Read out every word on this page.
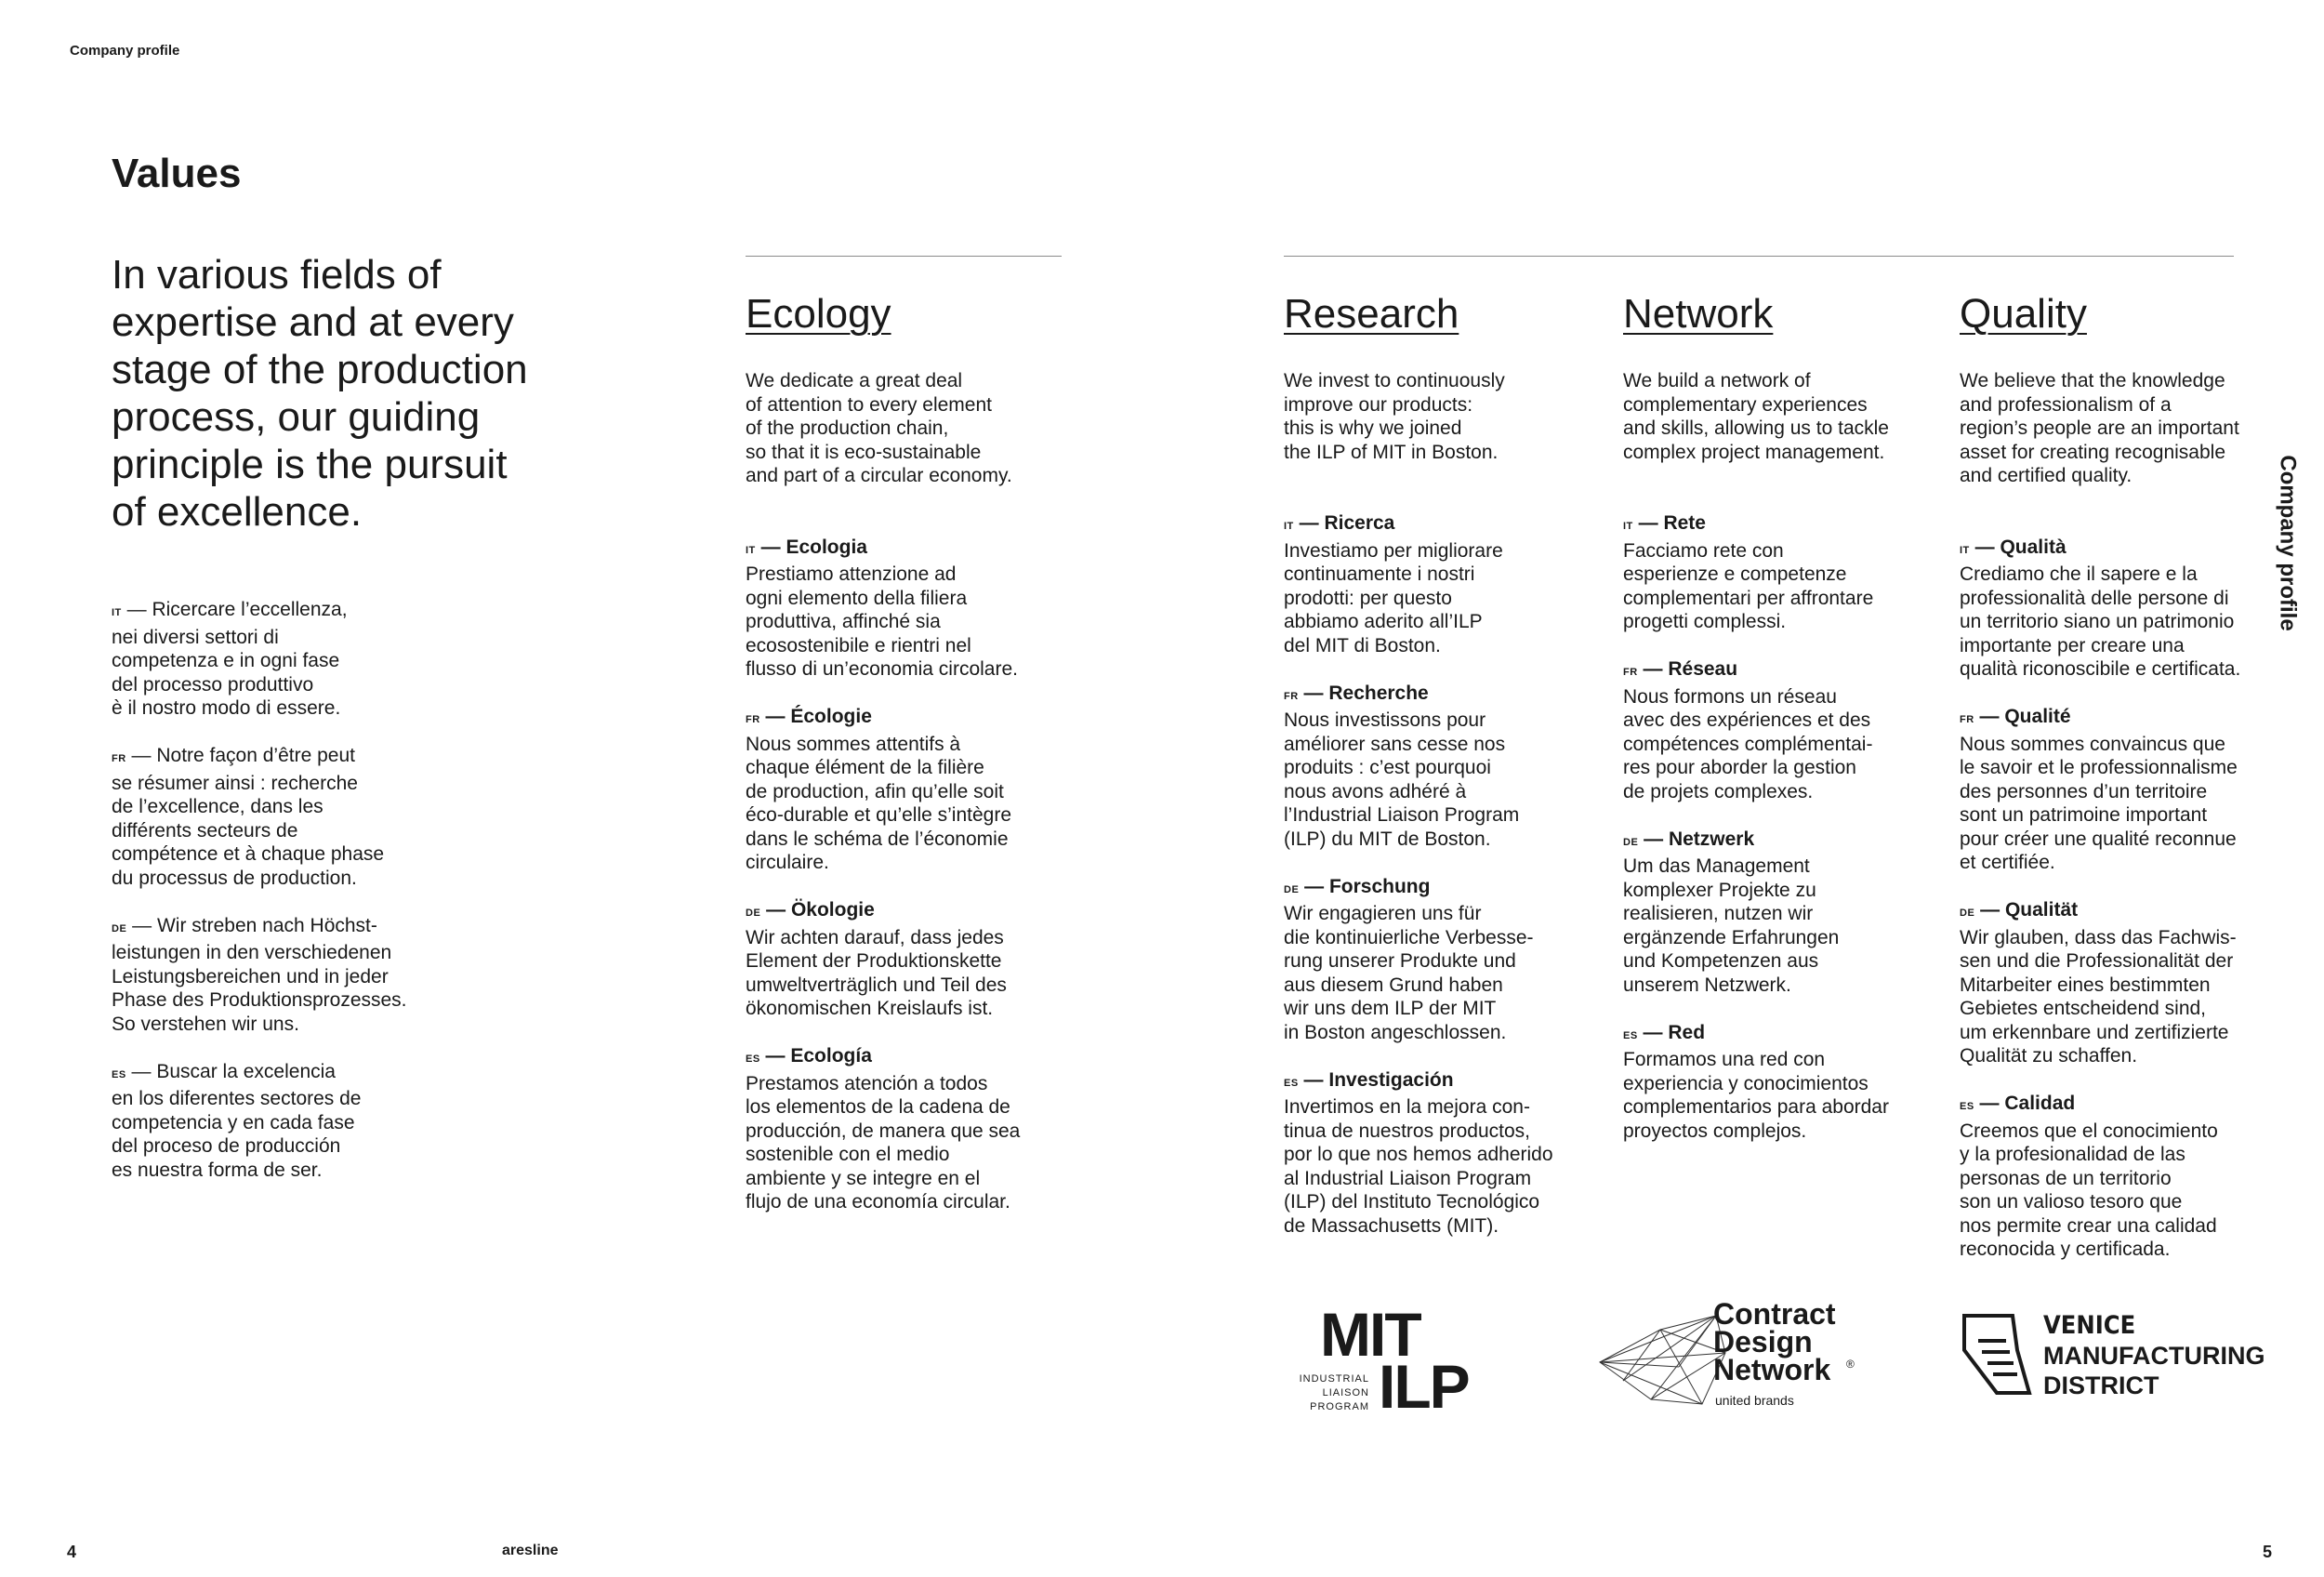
Company profile
Company profile
Values

In various fields of
expertise and at every
stage of the production
process, our guiding
principle is the pursuit
of excellence.

IT — Ricercare l’eccellenza,
nei diversi settori di
competenza e in ogni fase
del processo produttivo
è il nostro modo di essere.
FR — Notre façon d’être peut
se résumer ainsi : recherche
de l’excellence, dans les
différents secteurs de
compétence et à chaque phase
du processus de production.
DE — Wir streben nach Höchst-
leistungen in den verschiedenen
Leistungsbereichen und in jeder
Phase des Produktionsprozesses.
So verstehen wir uns.
ES — Buscar la excelencia
en los diferentes sectores de
competencia y en cada fase
del proceso de producción
es nuestra forma de ser.
Ecology

We dedicate a great deal
of attention to every element
of the production chain,
so that it is eco-sustainable
and part of a circular economy.

IT — Ecologia
Prestiamo attenzione ad
ogni elemento della filiera
produttiva, affinché sia
ecosostenibile e rientri nel
flusso di un’economia circolare.
FR — Écologie
Nous sommes attentifs à
chaque élément de la filière
de production, afin qu’elle soit
éco-durable et qu’elle s’intègre
dans le schéma de l’économie
circulaire.
DE — Ökologie
Wir achten darauf, dass jedes
Element der Produktionskette
umweltverträglich und Teil des
ökonomischen Kreislaufs ist.
ES — Ecología
Prestamos atención a todos
los elementos de la cadena de
producción, de manera que sea
sostenible con el medio
ambiente y se integre en el
flujo de una economía circular.
Research

We invest to continuously
improve our products:
this is why we joined
the ILP of MIT in Boston.

IT — Ricerca
Investiamo per migliorare
continuamente i nostri
prodotti: per questo
abbiamo aderito all’ILP
del MIT di Boston.
FR — Recherche
Nous investissons pour
améliorer sans cesse nos
produits : c’est pourquoi
nous avons adhéré à
l’Industrial Liaison Program
(ILP) du MIT de Boston.
DE — Forschung
Wir engagieren uns für
die kontinuierliche Verbesse-
rung unserer Produkte und
aus diesem Grund haben
wir uns dem ILP der MIT
in Boston angeschlossen.
ES — Investigación
Invertimos en la mejora con-
tinua de nuestros productos,
por lo que nos hemos adherido
al Industrial Liaison Program
(ILP) del Instituto Tecnológico
de Massachusetts (MIT).
Network

We build a network of
complementary experiences
and skills, allowing us to tackle
complex project management.

IT — Rete
Facciamo rete con
esperienze e competenze
complementari per affrontare
progetti complessi.
FR — Réseau
Nous formons un réseau
avec des expériences et des
compétences complémentai-
res pour aborder la gestion
de projets complexes.
DE — Netzwerk
Um das Management
komplexer Projekte zu
realisieren, nutzen wir
ergänzende Erfahrungen
und Kompetenzen aus
unserem Netzwerk.
ES — Red
Formamos una red con
experiencia y conocimientos
complementarios para abordar
proyectos complejos.
Quality

We believe that the knowledge
and professionalism of a
region’s people are an important
asset for creating recognisable
and certified quality.

IT — Qualità
Crediamo che il sapere e la
professionalità delle persone di
un territorio siano un patrimonio
importante per creare una
qualità riconoscibile e certificata.
FR — Qualité
Nous sommes convaincus que
le savoir et le professionnalisme
des personnes d’un territoire
sont un patrimoine important
pour créer une qualité reconnue
et certifiée.
DE — Qualität
Wir glauben, dass das Fachwis-
sen und die Professionalität der
Mitarbeiter eines bestimmten
Gebietes entscheidend sind,
um erkennbare und zertifizierte
Qualität zu schaffen.
ES — Calidad
Creemos que el conocimiento
y la profesionalidad de las
personas de un territorio
son un valioso tesoro que
nos permite crear una calidad
reconocida y certificada.
MIT
ILP
INDUSTRIAL
LIAISON
PROGRAM
Contract
Design
Network ®
united brands
VENICE
MANUFACTURING
DISTRICT
4	aresline	5
